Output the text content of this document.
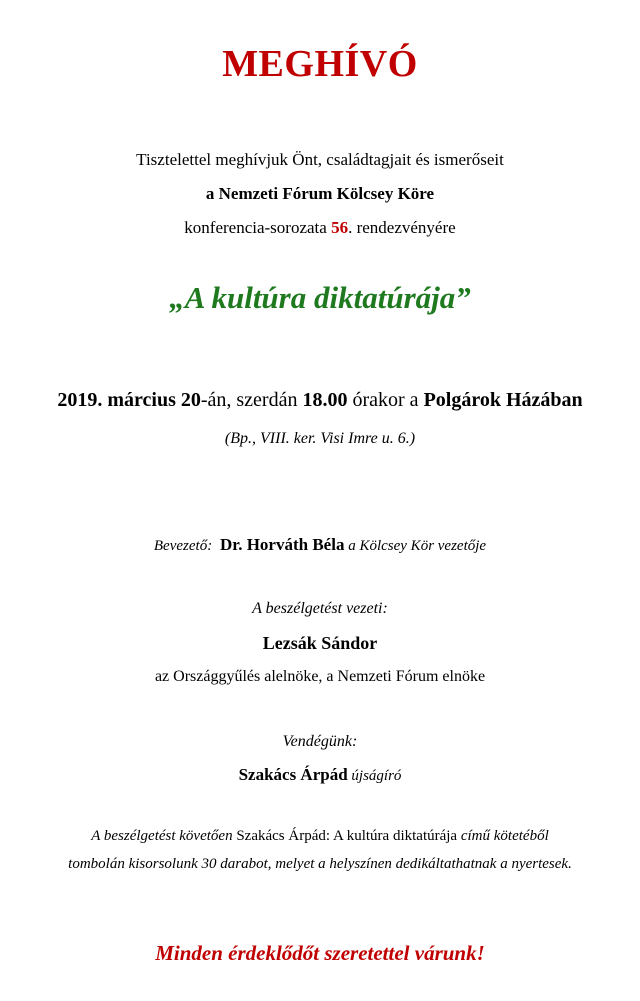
MEGHÍVÓ
Tisztelettel meghívjuk Önt, családtagjait és ismerőseit
a Nemzeti Fórum Kölcsey Köre
konferencia-sorozata 56. rendezvényére
„A kultúra diktatúrája”
2019. március 20-án, szerdán 18.00 órakor a Polgárok Házában
(Bp., VIII. ker. Visi Imre u. 6.)
Bevezető:  Dr. Horváth Béla a Kölcsey Kör vezetője
A beszélgetést vezeti:
Lezsák Sándor
az Országgyűlés alelnöke, a Nemzeti Fórum elnöke
Vendégünk:
Szakács Árpád újságíró
A beszélgetést követően Szakács Árpád: A kultúra diktatúrája című kötetéből
tombolán kisorsolunk 30 darabot, melyet a helyszínen dedikáltathatnak a nyertesek.
Minden érdeklődőt szeretettel várunk!
